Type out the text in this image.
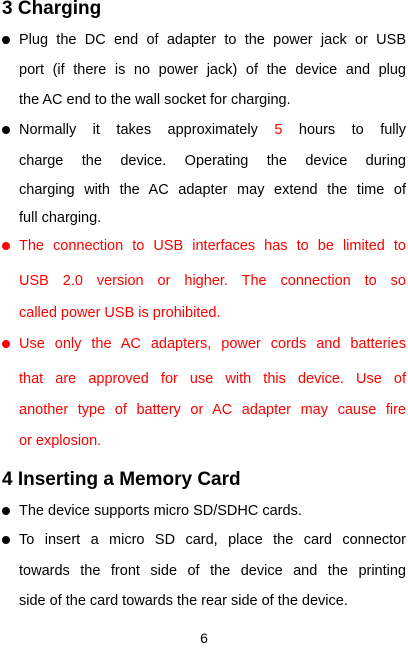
3 Charging
Plug the DC end of adapter to the power jack or USB
port (if there is no power jack) of the device and plug
the AC end to the wall socket for charging.
Normally it takes approximately 5 hours to fully
charge the device. Operating the device during
charging with the AC adapter may extend the time of
full charging.
The connection to USB interfaces has to be limited to
USB 2.0 version or higher. The connection to so
called power USB is prohibited.
Use only the AC adapters, power cords and batteries
that are approved for use with this device. Use of
another type of battery or AC adapter may cause fire
or explosion.
4 Inserting a Memory Card
The device supports micro SD/SDHC cards.
To insert a micro SD card, place the card connector
towards the front side of the device and the printing
side of the card towards the rear side of the device.
6
